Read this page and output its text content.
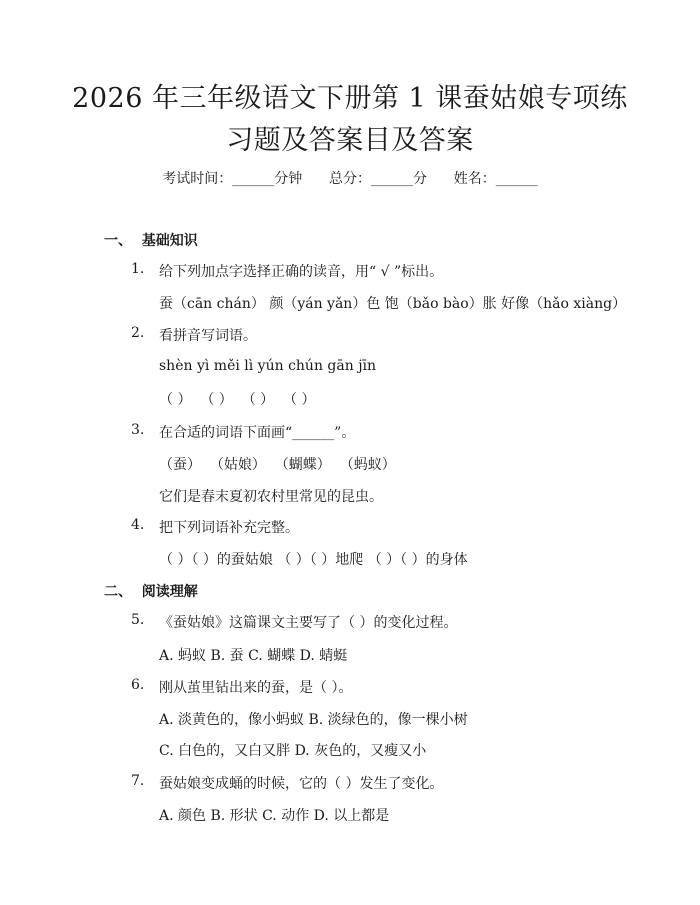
2026 年三年级语文下册第 1 课蚕姑娘专项练
习题及答案目及答案
考试时间：______分钟      总分：______分      姓名：______
一、  基础知识
1. 给下列加点字选择正确的读音，用“ √ ”标出。
蚕（cān chán） 颜（yán yǎn）色 饱（bǎo bào）胀 好像（hǎo xiàng）
2. 看拼音写词语。
shèn yì měi lì yún chún gān jīn
（ ）  （ ）  （ ）  （ ）
3. 在合适的词语下面画“______”。
（蚕）  （姑娘）  （蝴蝶）  （蚂蚁）
它们是春末夏初农村里常见的昆虫。
4. 把下列词语补充完整。
（ ）（ ）的蚕姑娘 （ ）（ ）地爬 （ ）（ ）的身体
二、  阅读理解
5. 《蚕姑娘》这篇课文主要写了（ ）的变化过程。
A. 蚂蚁 B. 蚕 C. 蝴蝶 D. 蜻蜓
6. 刚从茧里钻出来的蚕，是（ ）。
A. 淡黄色的，像小蚂蚁 B. 淡绿色的，像一棵小树
C. 白色的，又白又胖 D. 灰色的，又瘦又小
7. 蚕姑娘变成蛹的时候，它的（ ）发生了变化。
A. 颜色 B. 形状 C. 动作 D. 以上都是
